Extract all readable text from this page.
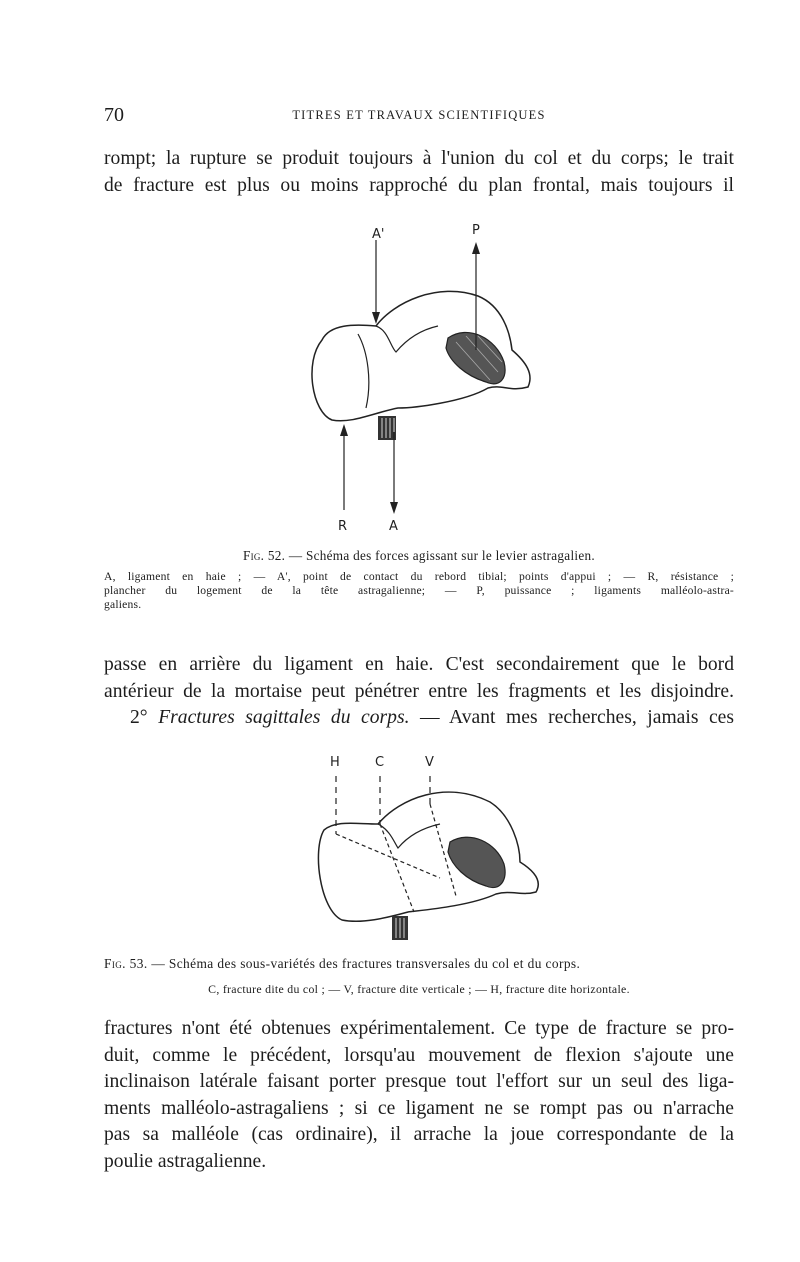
70	TITRES ET TRAVAUX SCIENTIFIQUES
rompt; la rupture se produit toujours à l'union du col et du corps; le trait
de fracture est plus ou moins rapproché du plan frontal, mais toujours il
A'	P
R	A
Fig. 52. — Schéma des forces agissant sur le levier astragalien.
A, ligament en haie ; — A', point de contact du rebord tibial; points d'appui ; — R, résistance ;
plancher du logement de la tête astragalienne; — P, puissance ; ligaments malléolo-astra-
galiens.
passe en arrière du ligament en haie. C'est secondairement que le bord
antérieur de la mortaise peut pénétrer entre les fragments et les disjoindre.
2° Fractures sagittales du corps. — Avant mes recherches, jamais ces
H	C	V
Fig. 53. — Schéma des sous-variétés des fractures transversales du col et du corps.
C, fracture dite du col ; — V, fracture dite verticale ; — H, fracture dite horizontale.
fractures n'ont été obtenues expérimentalement. Ce type de fracture se pro-
duit, comme le précédent, lorsqu'au mouvement de flexion s'ajoute une
inclinaison latérale faisant porter presque tout l'effort sur un seul des liga-
ments malléolo-astragaliens ; si ce ligament ne se rompt pas ou n'arrache
pas sa malléole (cas ordinaire), il arrache la joue correspondante de la
poulie astragalienne.
